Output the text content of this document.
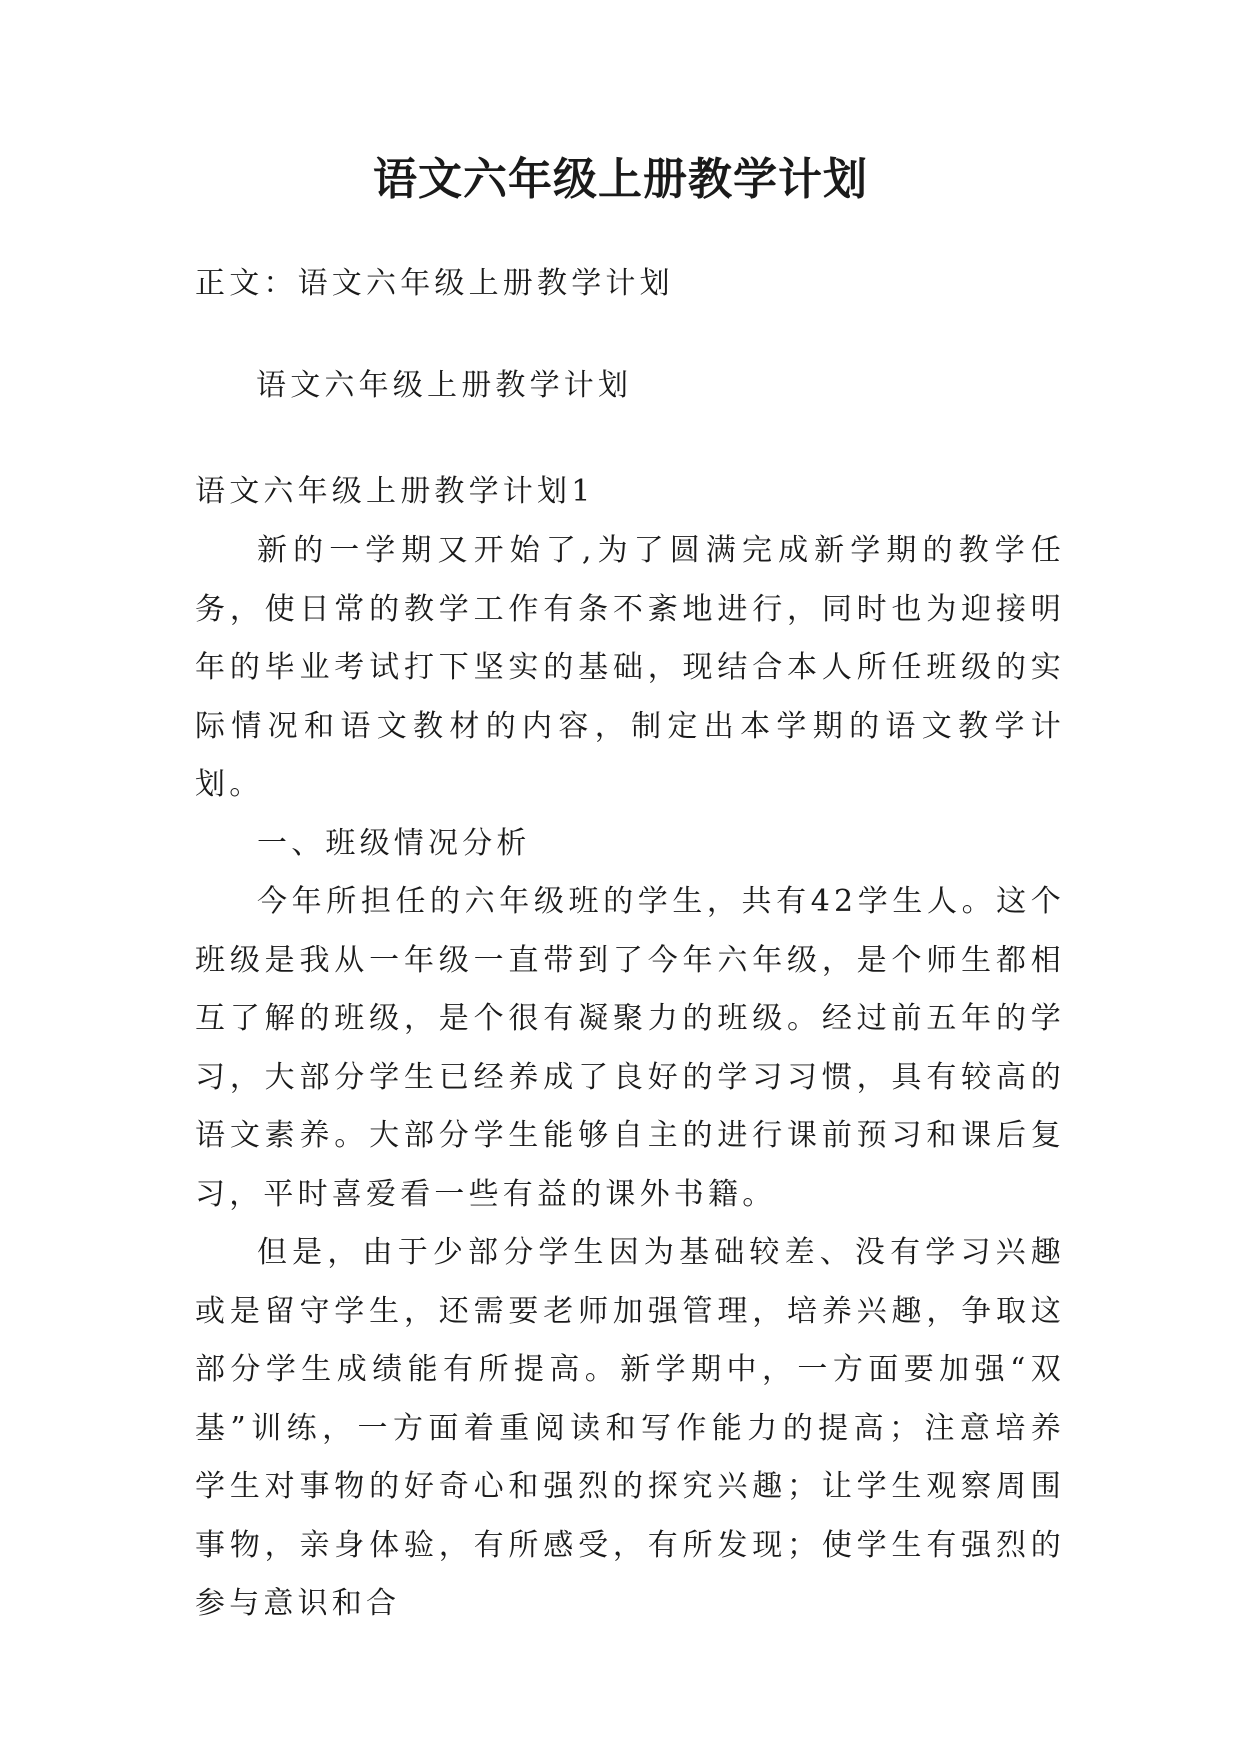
语文六年级上册教学计划

正文：语文六年级上册教学计划

语文六年级上册教学计划

语文六年级上册教学计划1

新的一学期又开始了,为了圆满完成新学期的教学任务，使日常的教学工作有条不紊地进行，同时也为迎接明年的毕业考试打下坚实的基础，现结合本人所任班级的实际情况和语文教材的内容，制定出本学期的语文教学计划。

一、班级情况分析

今年所担任的六年级班的学生，共有42学生人。这个班级是我从一年级一直带到了今年六年级，是个师生都相互了解的班级，是个很有凝聚力的班级。经过前五年的学习，大部分学生已经养成了良好的学习习惯，具有较高的语文素养。大部分学生能够自主的进行课前预习和课后复习，平时喜爱看一些有益的课外书籍。

但是，由于少部分学生因为基础较差、没有学习兴趣或是留守学生，还需要老师加强管理，培养兴趣，争取这部分学生成绩能有所提高。新学期中，一方面要加强“双基”训练，一方面着重阅读和写作能力的提高；注意培养学生对事物的好奇心和强烈的探究兴趣；让学生观察周围事物，亲身体验，有所感受，有所发现；使学生有强烈的参与意识和合
